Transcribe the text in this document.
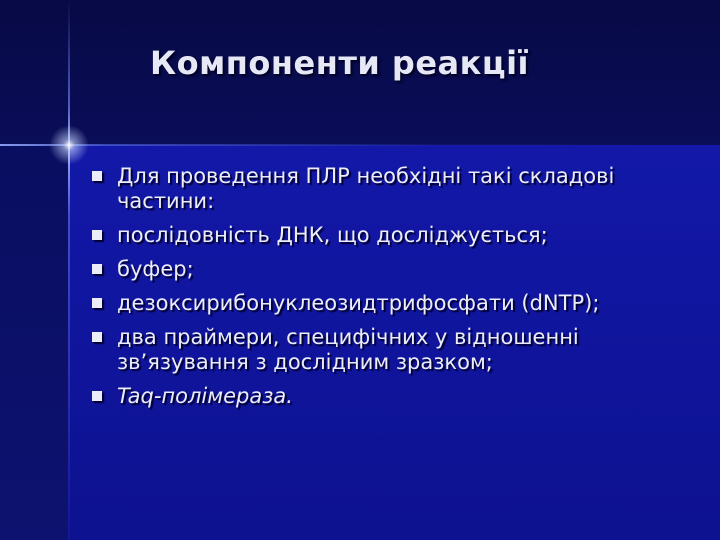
Компоненти реакції
Для проведення ПЛР необхідні такі складові частини:
послідовність ДНК, що досліджується;
буфер;
дезоксирибонуклеозидтрифосфати (dNTP);
два праймери, специфічних у відношенні зв’язування з дослідним зразком;
Taq-полімераза.
